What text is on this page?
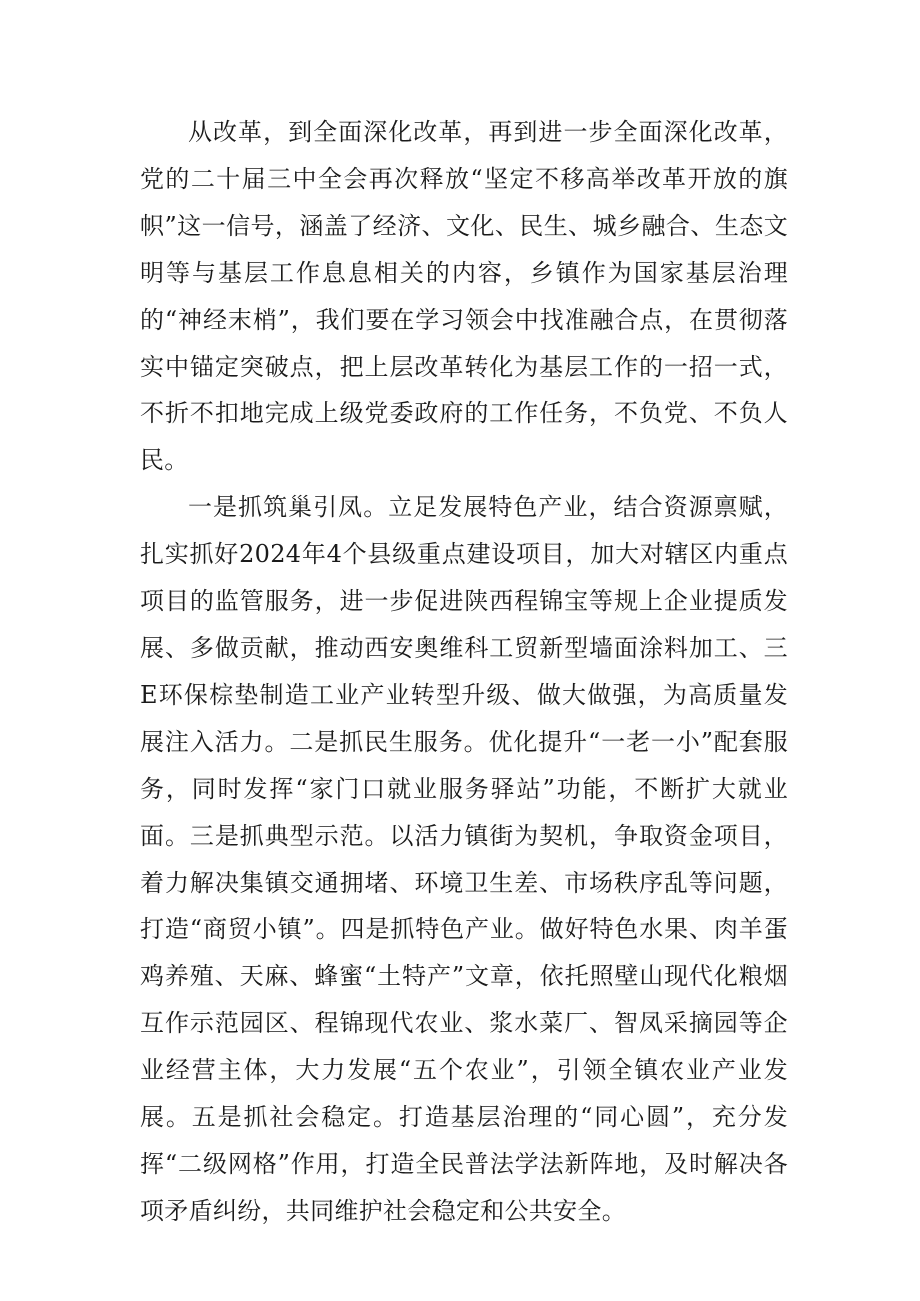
从改革，到全面深化改革，再到进一步全面深化改革，党的二十届三中全会再次释放“坚定不移高举改革开放的旗帜”这一信号，涵盖了经济、文化、民生、城乡融合、生态文明等与基层工作息息相关的内容，乡镇作为国家基层治理的“神经末梢”，我们要在学习领会中找准融合点，在贯彻落实中锚定突破点，把上层改革转化为基层工作的一招一式，不折不扣地完成上级党委政府的工作任务，不负党、不负人民。

一是抓筑巢引凤。立足发展特色产业，结合资源禀赋，扎实抓好2024年4个县级重点建设项目，加大对辖区内重点项目的监管服务，进一步促进陕西程锦宝等规上企业提质发展、多做贡献，推动西安奥维科工贸新型墙面涂料加工、三E环保棕垫制造工业产业转型升级、做大做强，为高质量发展注入活力。二是抓民生服务。优化提升“一老一小”配套服务，同时发挥“家门口就业服务驿站”功能，不断扩大就业面。三是抓典型示范。以活力镇街为契机，争取资金项目，着力解决集镇交通拥堵、环境卫生差、市场秩序乱等问题，打造“商贸小镇”。四是抓特色产业。做好特色水果、肉羊蛋鸡养殖、天麻、蜂蜜“土特产”文章，依托照壁山现代化粮烟互作示范园区、程锦现代农业、浆水菜厂、智凤采摘园等企业经营主体，大力发展“五个农业”，引领全镇农业产业发展。五是抓社会稳定。打造基层治理的“同心圆”，充分发挥“二级网格”作用，打造全民普法学法新阵地，及时解决各项矛盾纠纷，共同维护社会稳定和公共安全。
